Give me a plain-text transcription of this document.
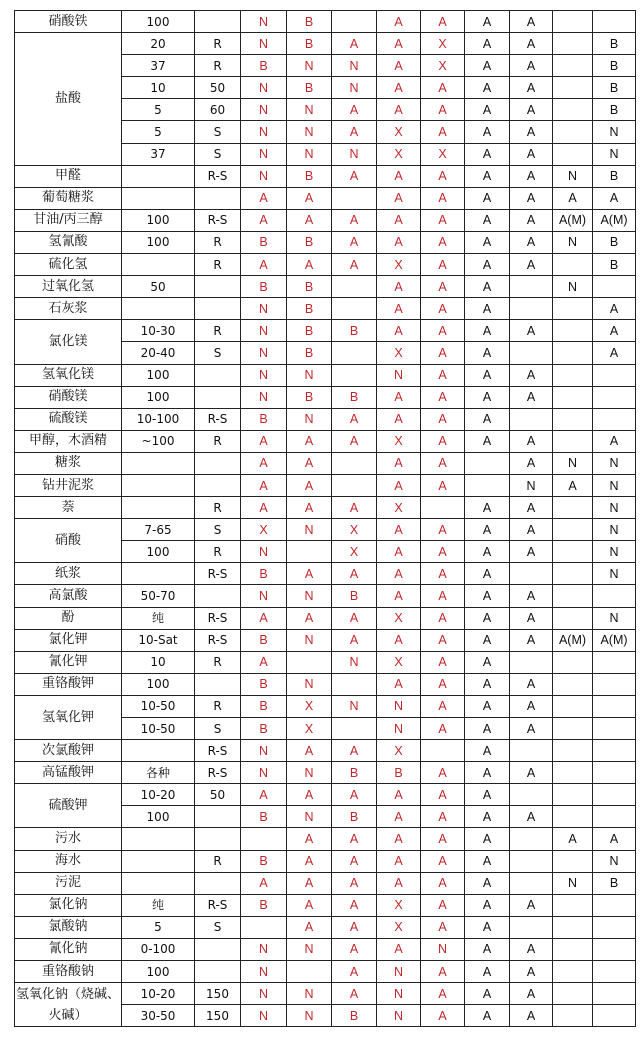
硝酸铁	100		N	B		A	A	A	A		
盐酸	20	R	N	B	A	A	X	A	A		B
	37	R	B	N	N	A	X	A	A		B
	10	50	N	B	N	A	A	A	A		B
	5	60	N	N	A	A	A	A	A		B
	5	S	N	N	A	X	A	A	A		N
	37	S	N	N	N	X	X	A	A		N
甲醛		R-S	N	B	A	A	A	A	A	N	B
葡萄糖浆			A	A		A	A	A	A	A	A
甘油/丙三醇	100	R-S	A	A	A	A	A	A	A	A(M)	A(M)
氢氰酸	100	R	B	B	A	A	A	A	A	N	B
硫化氢		R	A	A	A	X	A	A	A		B
过氧化氢	50		B	B		A	A	A		N	
石灰浆			N	B		A	A	A			A
氯化镁	10-30	R	N	B	B	A	A	A	A		A
	20-40	S	N	B		X	A	A			A
氢氧化镁	100		N	N		N	A	A	A		
硝酸镁	100		N	B	B	A	A	A	A		
硫酸镁	10-100	R-S	B	N	A	A	A	A			
甲醇，木酒精	~100	R	A	A	A	X	A	A	A		A
糖浆			A	A		A	A		A	N	N
钻井泥浆			A	A		A	A		N	A	N
萘		R	A	A	A	X		A	A		N
硝酸	7-65	S	X	N	X	A	A	A	A		N
	100	R	N		X	A	A	A	A		N
纸浆		R-S	B	A	A	A	A	A			N
高氯酸	50-70		N	N	B	A	A	A	A		
酚	纯	R-S	A	A	A	X	A	A	A		N
氯化钾	10-Sat	R-S	B	N	A	A	A	A	A	A(M)	A(M)
氰化钾	10	R	A		N	X	A	A			
重铬酸钾	100		B	N		A	A	A	A		
氢氧化钾	10-50	R	B	X	N	N	A	A	A		
	10-50	S	B	X		N	A	A	A		
次氯酸钾		R-S	N	A	A	X		A			
高锰酸钾	各种	R-S	N	N	B	B	A	A	A		
硫酸钾	10-20	50	A	A	A	A	A	A			
	100		B	N	B	A	A	A	A		
污水				A	A	A	A	A		A	A
海水		R	B	A	A	A	A	A			N
污泥			A	A	A	A	A	A		N	B
氯化钠	纯	R-S	B	A	A	X	A	A	A		
氯酸钠	5	S		A	A	X	A	A			
氰化钠	0-100		N	N	A	A	N	A	A		
重铬酸钠	100		N		A	N	A	A	A		
氢氧化钠（烧碱、火碱）	10-20	150	N	N	A	N	A	A	A		
	30-50	150	N	N	B	N	A	A	A		
